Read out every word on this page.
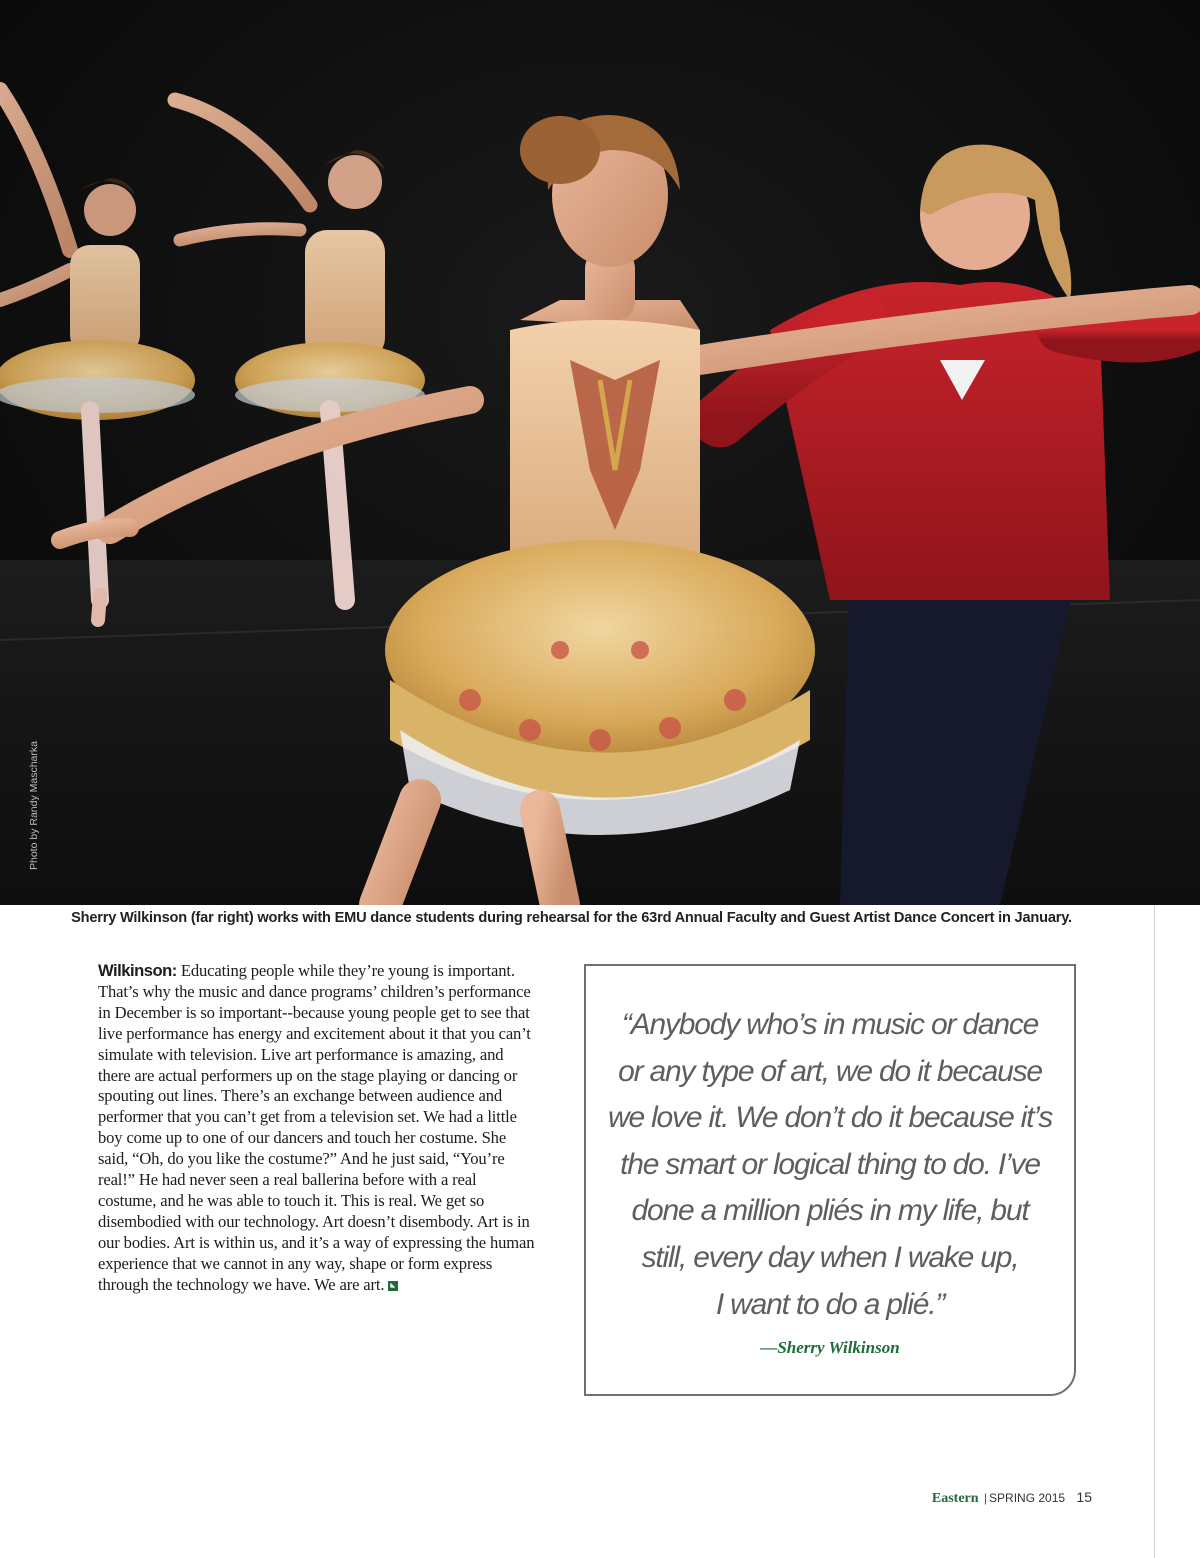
Photo by Randy Mascharka
Sherry Wilkinson (far right) works with EMU dance students during rehearsal for the 63rd Annual Faculty and Guest Artist Dance Concert in January.
Wilkinson: Educating people while they’re young is important. That’s why the music and dance programs’ children’s performance in December is so important--because young people get to see that live performance has energy and excitement about it that you can’t simulate with television. Live art performance is amazing, and there are actual performers up on the stage playing or dancing or spouting out lines. There’s an exchange between audience and performer that you can’t get from a television set. We had a little boy come up to one of our dancers and touch her costume. She said, “Oh, do you like the costume?” And he just said, “You’re real!” He had never seen a real ballerina before with a real costume, and he was able to touch it. This is real. We get so disembodied with our technology. Art doesn’t disembody. Art is in our bodies. Art is within us, and it’s a way of expressing the human experience that we cannot in any way, shape or form express through the technology we have. We are art.
“Anybody who’s in music or dance
or any type of art, we do it because
we love it. We don’t do it because it’s
the smart or logical thing to do. I’ve
done a million pliés in my life, but
still, every day when I wake up,
I want to do a plié.”
—Sherry Wilkinson
Eastern | SPRING 2015 15
